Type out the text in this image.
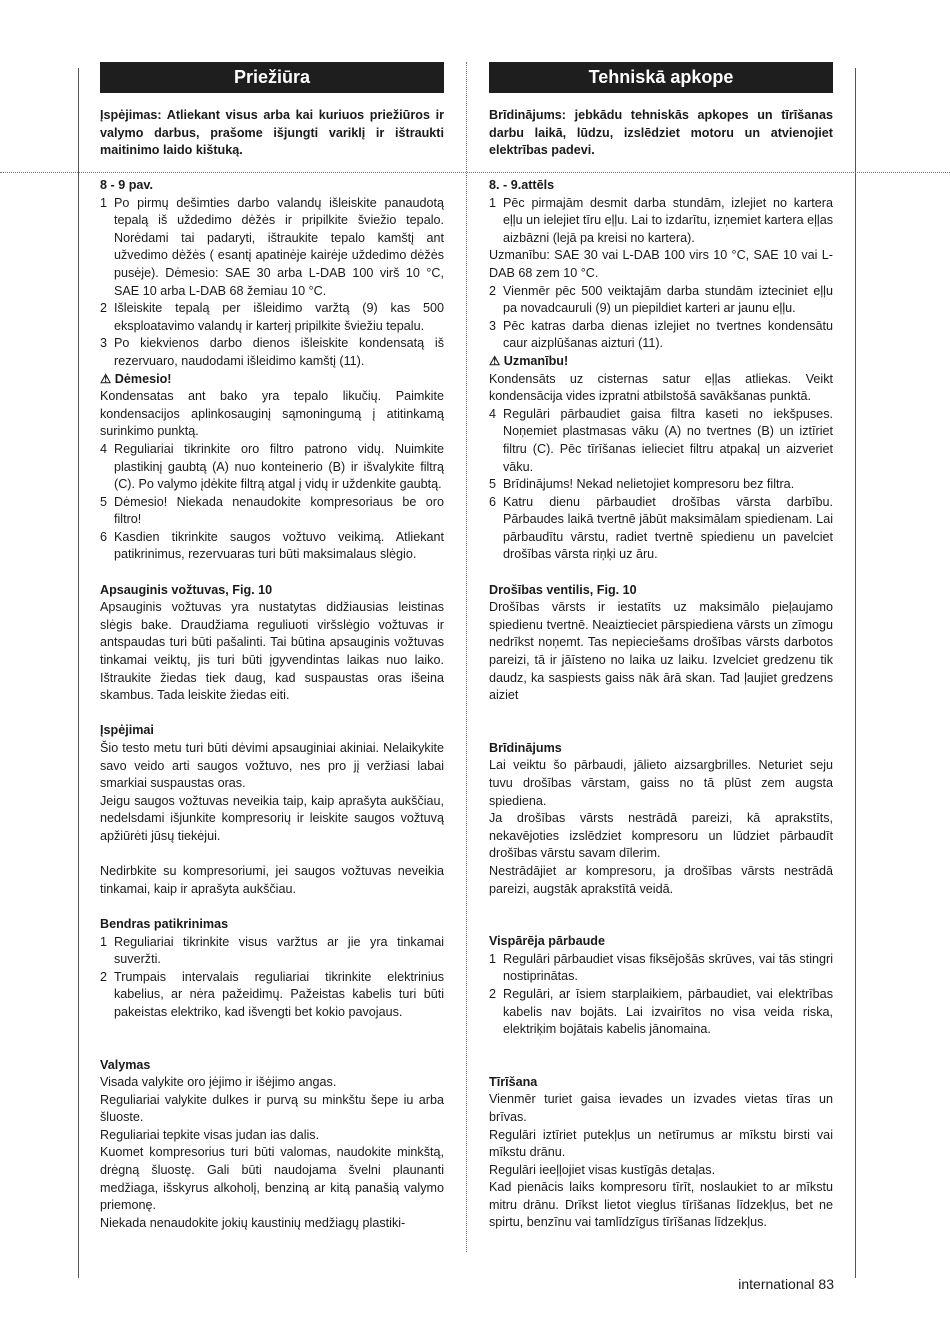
Priežiūra	Tehniskā apkope
Įspėjimas: Atliekant visus arba kai kuriuos priežiūros ir valymo darbus, prašome išjungti variklį ir ištraukti maitinimo laido kištuką.
Brīdinājums: jebkādu tehniskās apkopes un tīrīšanas darbu laikā, lūdzu, izslēdziet motoru un atvienojiet elektrības padevi.

8 - 9 pav.

1 Po pirmų dešimties darbo valandų išleiskite panaudotą tepalą iš uždedimo dėžės ir pripilkite šviežio tepalo. Norėdami tai padaryti, ištraukite tepalo kamštį ant užvedimo dėžės ( esantį apatinėje kairėje uždedimo dėžės pusėje). Dėmesio: SAE 30 arba L-DAB 100 virš 10 °C, SAE 10 arba L-DAB 68 žemiau 10 °C.
2 Išleiskite tepalą per išleidimo varžtą (9) kas 500 eksploatavimo valandų ir karterį pripilkite šviežiu tepalu.
3 Po kiekvienos darbo dienos išleiskite kondensatą iš rezervuaro, naudodami išleidimo kamštį (11).

⚠ Dėmesio!

Kondensatas ant bako yra tepalo likučių. Paimkite kondensacijos aplinkosauginį sąmoningumą į atitinkamą surinkimo punktą.

4 Reguliariai tikrinkite oro filtro patrono vidų. Nuimkite plastikinį gaubtą (A) nuo konteinerio (B) ir išvalykite filtrą (C). Po valymo įdėkite filtrą atgal į vidų ir uždenkite gaubtą.
5 Dėmesio! Niekada nenaudokite kompresoriaus be oro filtro!
6 Kasdien tikrinkite saugos vožtuvo veikimą. Atliekant patikrinimus, rezervuaras turi būti maksimalaus slėgio.

Apsauginis vožtuvas, Fig. 10

Apsauginis vožtuvas yra nustatytas didžiausias leistinas slėgis bake. Draudžiama reguliuoti viršslėgio vožtuvas ir antspaudas turi būti pašalinti. Tai būtina apsauginis vožtuvas tinkamai veiktų, jis turi būti įgyvendintas laikas nuo laiko. Ištraukite žiedas tiek daug, kad suspaustas oras išeina skambus. Tada leiskite žiedas eiti.

Įspėjimai

Šio testo metu turi būti dėvimi apsauginiai akiniai. Nelaikykite savo veido arti saugos vožtuvo, nes pro jį veržiasi labai smarkiai suspaustas oras.

Jeigu saugos vožtuvas neveikia taip, kaip aprašyta aukščiau, nedelsdami išjunkite kompresorių ir leiskite saugos vožtuvą apžiūrėti jūsų tiekėjui.

Nedirbkite su kompresoriumi, jei saugos vožtuvas neveikia tinkamai, kaip ir aprašyta aukščiau.

Bendras patikrinimas

1 Reguliariai tikrinkite visus varžtus ar jie yra tinkamai suveržti.
2 Trumpais intervalais reguliariai tikrinkite elektrinius kabelius, ar nėra pažeidimų. Pažeistas kabelis turi būti pakeistas elektriko, kad išvengti bet kokio pavojaus.

Valymas

Visada valykite oro įėjimo ir išėjimo angas.

Reguliariai valykite dulkes ir purvą su minkštu šepe iu arba šluoste.

Reguliariai tepkite visas judan ias dalis.

Kuomet kompresorius turi būti valomas, naudokite minkštą, drėgną šluostę. Gali būti naudojama švelni plaunanti medžiaga, išskyrus alkoholį, benziną ar kitą panašią valymo priemonę.

Niekada nenaudokite jokių kaustinių medžiagų plastiki-

8. - 9.attēls

1 Pēc pirmajām desmit darba stundām, izlejiet no kartera eļļu un ielejiet tīru eļļu. Lai to izdarītu, izņemiet kartera eļļas aizbāzni (lejā pa kreisi no kartera).

Uzmanību: SAE 30 vai L-DAB 100 virs 10 °C, SAE 10 vai L-DAB 68 zem 10 °C.

2 Vienmēr pēc 500 veiktajām darba stundām izteciniet eļļu pa novadcauruli (9) un piepildiet karteri ar jaunu eļļu.
3 Pēc katras darba dienas izlejiet no tvertnes kondensātu caur aizplūšanas aizturi (11).

⚠ Uzmanību!

Kondensāts uz cisternas satur eļļas atliekas. Veikt kondensācija vides izpratni atbilstošā savākšanas punktā.

4 Regulāri pārbaudiet gaisa filtra kaseti no iekšpuses. Noņemiet plastmasas vāku (A) no tvertnes (B) un iztīriet filtru (C). Pēc tīrīšanas ielieciet filtru atpakaļ un aizveriet vāku.
5 Brīdinājums! Nekad nelietojiet kompresoru bez filtra.
6 Katru dienu pārbaudiet drošības vārsta darbību. Pārbaudes laikā tvertnē jābūt maksimālam spiedienam. Lai pārbaudītu vārstu, radiet tvertnē spiedienu un pavelciet drošības vārsta riņķi uz āru.

Drošības ventilis, Fig. 10

Drošības vārsts ir iestatīts uz maksimālo pieļaujamo spiedienu tvertnē. Neaiztieciet pārspiediena vārsts un zīmogu nedrīkst noņemt. Tas nepieciešams drošības vārsts darbotos pareizi, tā ir jāīsteno no laika uz laiku. Izvelciet gredzenu tik daudz, ka saspiests gaiss nāk ārā skan. Tad ļaujiet gredzens aiziet

Brīdinājums

Lai veiktu šo pārbaudi, jālieto aizsargbrilles. Neturiet seju tuvu drošības vārstam, gaiss no tā plūst zem augsta spiediena.

Ja drošības vārsts nestrādā pareizi, kā aprakstīts, nekavējoties izslēdziet kompresoru un lūdziet pārbaudīt drošības vārstu savam dīlerim.

Nestrādājiet ar kompresoru, ja drošības vārsts nestrādā pareizi, augstāk aprakstītā veidā.

Vispārēja pārbaude

1 Regulāri pārbaudiet visas fiksējošās skrūves, vai tās stingri nostiprinātas.
2 Regulāri, ar īsiem starplaikiem, pārbaudiet, vai elektrības kabelis nav bojāts. Lai izvairītos no visa veida riska, elektriķim bojātais kabelis jānomaina.

Tīrīšana

Vienmēr turiet gaisa ievades un izvades vietas tīras un brīvas.

Regulāri iztīriet putekļus un netīrumus ar mīkstu birsti vai mīkstu drānu.

Regulāri ieeļļojiet visas kustīgās detaļas.

Kad pienācis laiks kompresoru tīrīt, noslaukiet to ar mīkstu mitru drānu. Drīkst lietot vieglus tīrīšanas līdzekļus, bet ne spirtu, benzīnu vai tamlīdzīgus tīrīšanas līdzekļus.

international 83
